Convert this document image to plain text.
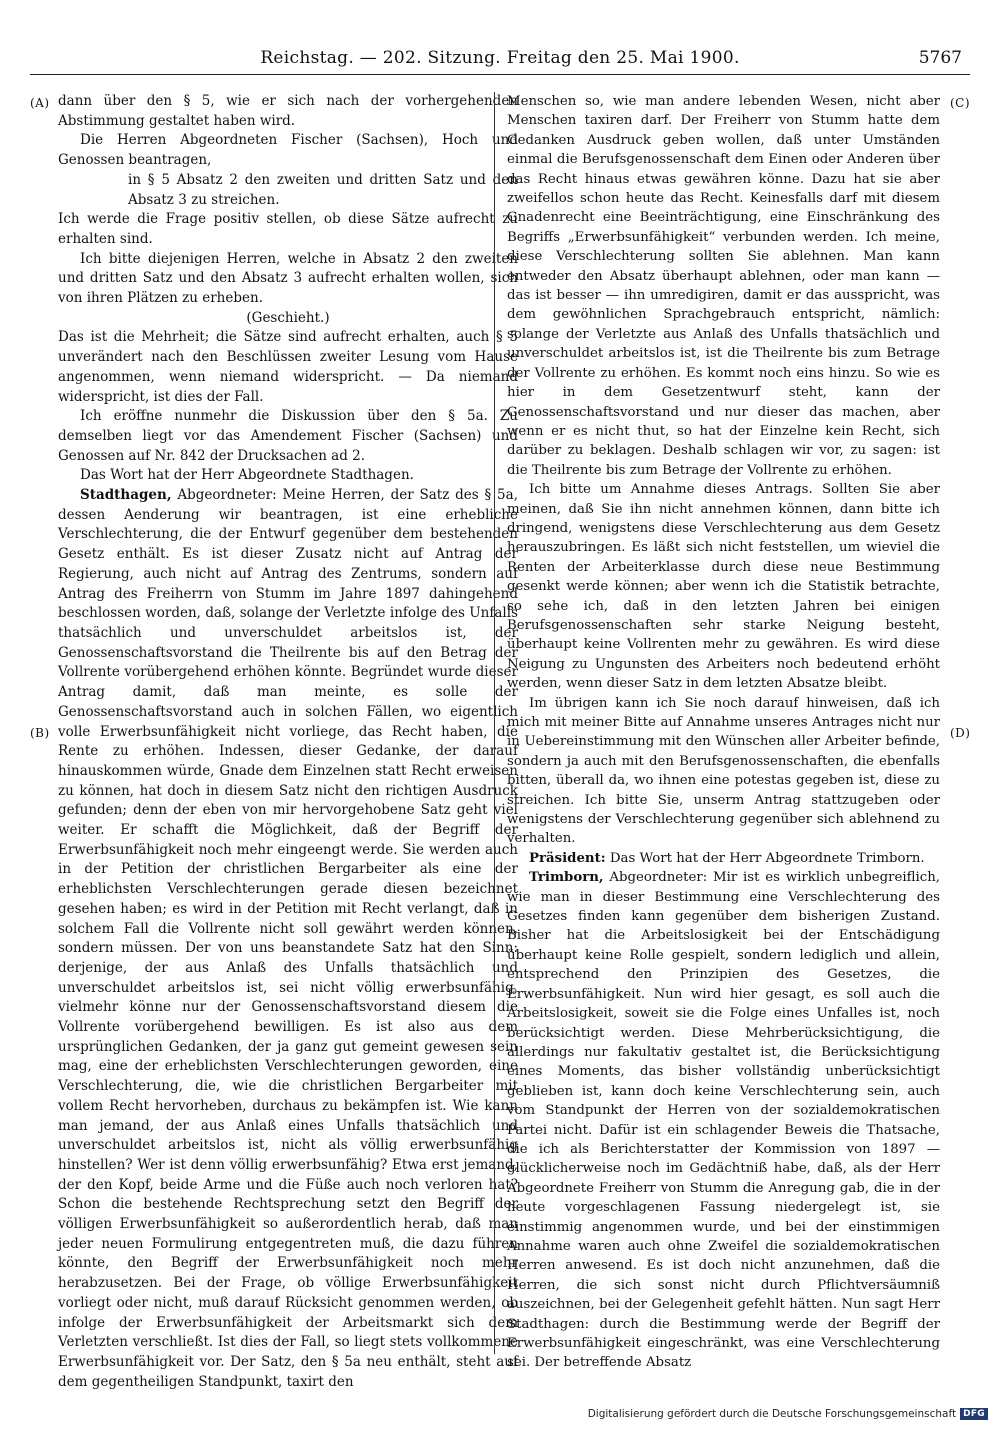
Reichstag. — 202. Sitzung. Freitag den 25. Mai 1900.	5767
(A)
(B)
(C)
(D)

dann über den § 5, wie er sich nach der vorhergehenden Abstimmung gestaltet haben wird.

Die Herren Abgeordneten Fischer (Sachsen), Hoch und Genossen beantragen,

in § 5 Absatz 2 den zweiten und dritten Satz und den Absatz 3 zu streichen.

Ich werde die Frage positiv stellen, ob diese Sätze aufrecht zu erhalten sind.

Ich bitte diejenigen Herren, welche in Absatz 2 den zweiten und dritten Satz und den Absatz 3 aufrecht erhalten wollen, sich von ihren Plätzen zu erheben.

(Geschieht.)

Das ist die Mehrheit; die Sätze sind aufrecht erhalten, auch § 5 unverändert nach den Beschlüssen zweiter Lesung vom Hause angenommen, wenn niemand widerspricht. — Da niemand widerspricht, ist dies der Fall.

Ich eröffne nunmehr die Diskussion über den § 5a. Zu demselben liegt vor das Amendement Fischer (Sachsen) und Genossen auf Nr. 842 der Drucksachen ad 2.

Das Wort hat der Herr Abgeordnete Stadthagen.

Stadthagen, Abgeordneter: Meine Herren, der Satz des § 5a, dessen Aenderung wir beantragen, ist eine erhebliche Verschlechterung, die der Entwurf gegenüber dem bestehenden Gesetz enthält. Es ist dieser Zusatz nicht auf Antrag der Regierung, auch nicht auf Antrag des Zentrums, sondern auf Antrag des Freiherrn von Stumm im Jahre 1897 dahingehend beschlossen worden, daß, solange der Verletzte infolge des Unfalls thatsächlich und unverschuldet arbeitslos ist, der Genossenschaftsvorstand die Theilrente bis auf den Betrag der Vollrente vorübergehend erhöhen könnte. Begründet wurde dieser Antrag damit, daß man meinte, es solle der Genossenschaftsvorstand auch in solchen Fällen, wo eigentlich volle Erwerbsunfähigkeit nicht vorliege, das Recht haben, die Rente zu erhöhen. Indessen, dieser Gedanke, der darauf hinauskommen würde, Gnade dem Einzelnen statt Recht erweisen zu können, hat doch in diesem Satz nicht den richtigen Ausdruck gefunden; denn der eben von mir hervorgehobene Satz geht viel weiter. Er schafft die Möglichkeit, daß der Begriff der Erwerbsunfähigkeit noch mehr eingeengt werde. Sie werden auch in der Petition der christlichen Bergarbeiter als eine der erheblichsten Verschlechterungen gerade diesen bezeichnet gesehen haben; es wird in der Petition mit Recht verlangt, daß in solchem Fall die Vollrente nicht soll gewährt werden können, sondern müssen. Der von uns beanstandete Satz hat den Sinn: derjenige, der aus Anlaß des Unfalls thatsächlich und unverschuldet arbeitslos ist, sei nicht völlig erwerbsunfähig, vielmehr könne nur der Genossenschaftsvorstand diesem die Vollrente vorübergehend bewilligen. Es ist also aus dem ursprünglichen Gedanken, der ja ganz gut gemeint gewesen sein mag, eine der erheblichsten Verschlechterungen geworden, eine Verschlechterung, die, wie die christlichen Bergarbeiter mit vollem Recht hervorheben, durchaus zu bekämpfen ist. Wie kann man jemand, der aus Anlaß eines Unfalls thatsächlich und unverschuldet arbeitslos ist, nicht als völlig erwerbsunfähig hinstellen? Wer ist denn völlig erwerbsunfähig? Etwa erst jemand, der den Kopf, beide Arme und die Füße auch noch verloren hat? Schon die bestehende Rechtsprechung setzt den Begriff der völligen Erwerbsunfähigkeit so außerordentlich herab, daß man jeder neuen Formulirung entgegentreten muß, die dazu führen könnte, den Begriff der Erwerbsunfähigkeit noch mehr herabzusetzen. Bei der Frage, ob völlige Erwerbsunfähigkeit vorliegt oder nicht, muß darauf Rücksicht genommen werden, ob infolge der Erwerbsunfähigkeit der Arbeitsmarkt sich dem Verletzten verschließt. Ist dies der Fall, so liegt stets vollkommene Erwerbsunfähigkeit vor. Der Satz, den § 5a neu enthält, steht auf dem gegentheiligen Standpunkt, taxirt den

Menschen so, wie man andere lebenden Wesen, nicht aber Menschen taxiren darf. Der Freiherr von Stumm hatte dem Gedanken Ausdruck geben wollen, daß unter Umständen einmal die Berufsgenossenschaft dem Einen oder Anderen über das Recht hinaus etwas gewähren könne. Dazu hat sie aber zweifellos schon heute das Recht. Keinesfalls darf mit diesem Gnadenrecht eine Beeinträchtigung, eine Einschränkung des Begriffs „Erwerbsunfähigkeit“ verbunden werden. Ich meine, diese Verschlechterung sollten Sie ablehnen. Man kann entweder den Absatz überhaupt ablehnen, oder man kann — das ist besser — ihn umredigiren, damit er das ausspricht, was dem gewöhnlichen Sprachgebrauch entspricht, nämlich: solange der Verletzte aus Anlaß des Unfalls thatsächlich und unverschuldet arbeitslos ist, ist die Theilrente bis zum Betrage der Vollrente zu erhöhen. Es kommt noch eins hinzu. So wie es hier in dem Gesetzentwurf steht, kann der Genossenschaftsvorstand und nur dieser das machen, aber wenn er es nicht thut, so hat der Einzelne kein Recht, sich darüber zu beklagen. Deshalb schlagen wir vor, zu sagen: ist die Theilrente bis zum Betrage der Vollrente zu erhöhen.

Ich bitte um Annahme dieses Antrags. Sollten Sie aber meinen, daß Sie ihn nicht annehmen können, dann bitte ich dringend, wenigstens diese Verschlechterung aus dem Gesetz herauszubringen. Es läßt sich nicht feststellen, um wieviel die Renten der Arbeiterklasse durch diese neue Bestimmung gesenkt werde können; aber wenn ich die Statistik betrachte, so sehe ich, daß in den letzten Jahren bei einigen Berufsgenossenschaften sehr starke Neigung besteht, überhaupt keine Vollrenten mehr zu gewähren. Es wird diese Neigung zu Ungunsten des Arbeiters noch bedeutend erhöht werden, wenn dieser Satz in dem letzten Absatze bleibt.

Im übrigen kann ich Sie noch darauf hinweisen, daß ich mich mit meiner Bitte auf Annahme unseres Antrages nicht nur in Uebereinstimmung mit den Wünschen aller Arbeiter befinde, sondern ja auch mit den Berufsgenossenschaften, die ebenfalls bitten, überall da, wo ihnen eine potestas gegeben ist, diese zu streichen. Ich bitte Sie, unserm Antrag stattzugeben oder wenigstens der Verschlechterung gegenüber sich ablehnend zu verhalten.

Präsident: Das Wort hat der Herr Abgeordnete Trimborn.

Trimborn, Abgeordneter: Mir ist es wirklich unbegreiflich, wie man in dieser Bestimmung eine Verschlechterung des Gesetzes finden kann gegenüber dem bisherigen Zustand. Bisher hat die Arbeitslosigkeit bei der Entschädigung überhaupt keine Rolle gespielt, sondern lediglich und allein, entsprechend den Prinzipien des Gesetzes, die Erwerbsunfähigkeit. Nun wird hier gesagt, es soll auch die Arbeitslosigkeit, soweit sie die Folge eines Unfalles ist, noch berücksichtigt werden. Diese Mehrberücksichtigung, die allerdings nur fakultativ gestaltet ist, die Berücksichtigung eines Moments, das bisher vollständig unberücksichtigt geblieben ist, kann doch keine Verschlechterung sein, auch vom Standpunkt der Herren von der sozialdemokratischen Partei nicht. Dafür ist ein schlagender Beweis die Thatsache, die ich als Berichterstatter der Kommission von 1897 — glücklicherweise noch im Gedächtniß habe, daß, als der Herr Abgeordnete Freiherr von Stumm die Anregung gab, die in der heute vorgeschlagenen Fassung niedergelegt ist, sie einstimmig angenommen wurde, und bei der einstimmigen Annahme waren auch ohne Zweifel die sozialdemokratischen Herren anwesend. Es ist doch nicht anzunehmen, daß die Herren, die sich sonst nicht durch Pflichtversäumniß auszeichnen, bei der Gelegenheit gefehlt hätten. Nun sagt Herr Stadthagen: durch die Bestimmung werde der Begriff der Erwerbsunfähigkeit eingeschränkt, was eine Verschlechterung sei. Der betreffende Absatz

Digitalisierung gefördert durch die Deutsche Forschungsgemeinschaft DFG
